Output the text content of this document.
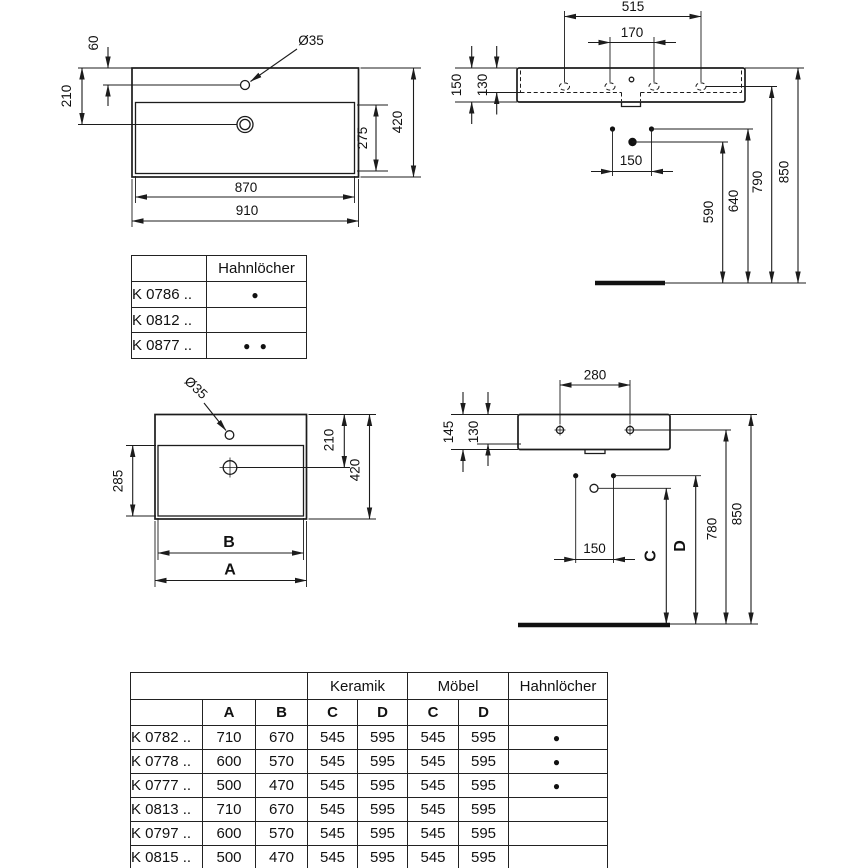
60
210
Ø35
275
420
870
910
515
170
150 130
150
590 640
790 850
Ø35
285
210
420
B
A
280
145 130
150 C
D
780
850
	Hahnlöcher
K 0786 ..	●
K 0812 ..	
K 0877 ..	● ●
			Keramik		Möbel		Hahnlöcher
	A	B	C	D	C	D	
K 0782 ..	710	670	545	595	545	595	●
K 0778 ..	600	570	545	595	545	595	●
K 0777 ..	500	470	545	595	545	595	●
K 0813 ..	710	670	545	595	545	595	
K 0797 ..	600	570	545	595	545	595	
K 0815 ..	500	470	545	595	545	595	
